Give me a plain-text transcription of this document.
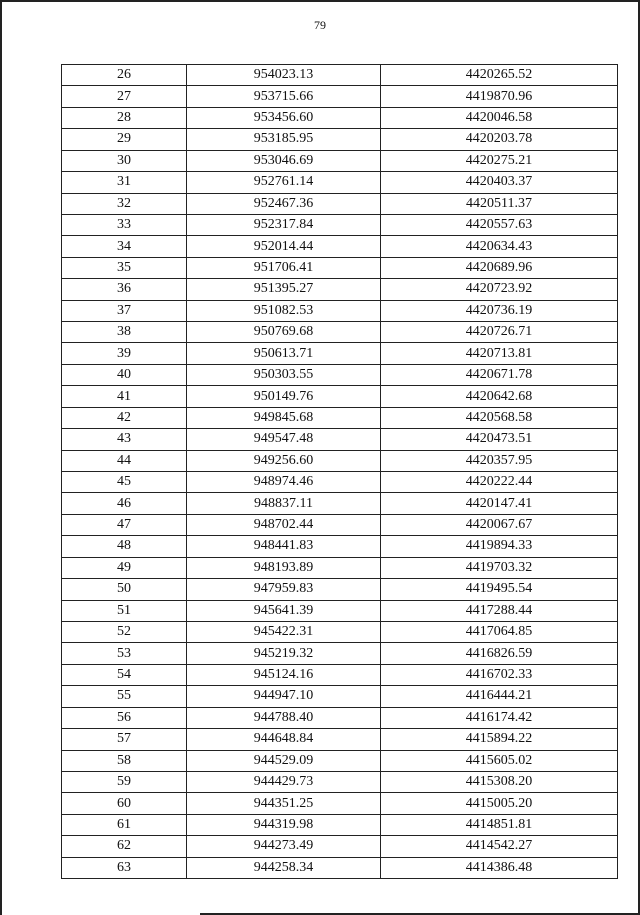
79
26	954023.13	4420265.52
27	953715.66	4419870.96
28	953456.60	4420046.58
29	953185.95	4420203.78
30	953046.69	4420275.21
31	952761.14	4420403.37
32	952467.36	4420511.37
33	952317.84	4420557.63
34	952014.44	4420634.43
35	951706.41	4420689.96
36	951395.27	4420723.92
37	951082.53	4420736.19
38	950769.68	4420726.71
39	950613.71	4420713.81
40	950303.55	4420671.78
41	950149.76	4420642.68
42	949845.68	4420568.58
43	949547.48	4420473.51
44	949256.60	4420357.95
45	948974.46	4420222.44
46	948837.11	4420147.41
47	948702.44	4420067.67
48	948441.83	4419894.33
49	948193.89	4419703.32
50	947959.83	4419495.54
51	945641.39	4417288.44
52	945422.31	4417064.85
53	945219.32	4416826.59
54	945124.16	4416702.33
55	944947.10	4416444.21
56	944788.40	4416174.42
57	944648.84	4415894.22
58	944529.09	4415605.02
59	944429.73	4415308.20
60	944351.25	4415005.20
61	944319.98	4414851.81
62	944273.49	4414542.27
63	944258.34	4414386.48
